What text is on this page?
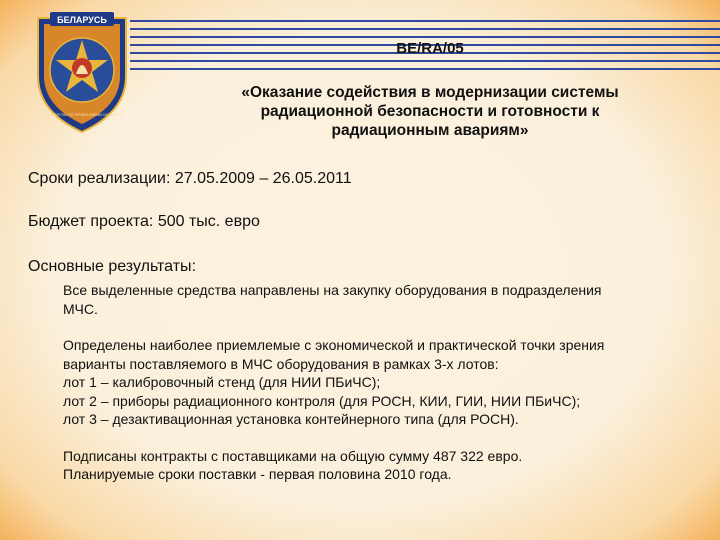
БЕЛАРУСЬ
МИНИСТЕРСТВО ПО ЧРЕЗВЫЧАЙНЫМ СИТУАЦИЯМ
BE/RA/05
«Оказание содействия в модернизации системы
радиационной безопасности и готовности к
радиационным авариям»
Сроки реализации: 27.05.2009 – 26.05.2011
Бюджет проекта: 500 тыс. евро
Основные результаты:

Все выделенные средства направлены на закупку оборудования в подразделения

МЧС.

Определены наиболее приемлемые с экономической и практической точки зрения

варианты поставляемого в МЧС оборудования в рамках 3-х лотов:

лот 1 – калибровочный стенд (для НИИ ПБиЧС);

лот 2 – приборы радиационного контроля (для РОСН, КИИ, ГИИ, НИИ ПБиЧС);

лот 3 – дезактивационная установка контейнерного типа (для РОСН).

Подписаны контракты с поставщиками на общую сумму 487 322 евро.

Планируемые сроки поставки - первая половина 2010 года.
